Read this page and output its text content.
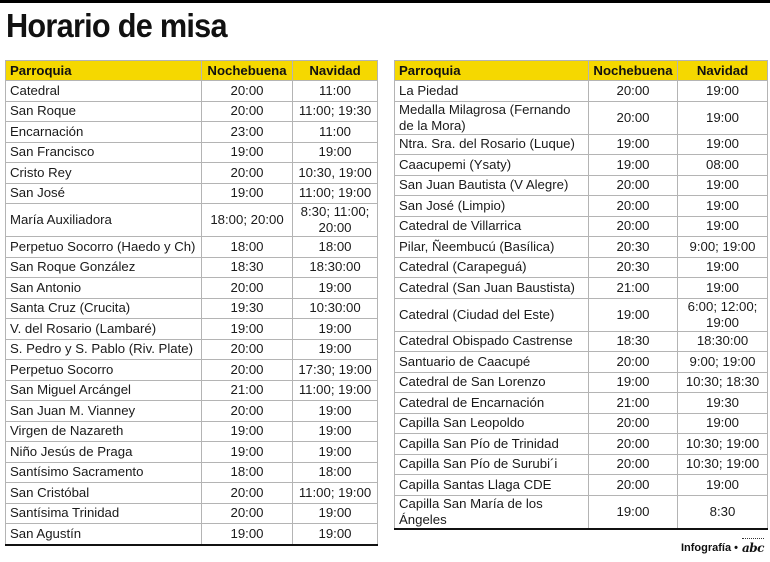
Horario de misa
Parroquia	Nochebuena	Navidad
Catedral	20:00	11:00
San Roque	20:00	11:00; 19:30
Encarnación	23:00	11:00
San Francisco	19:00	19:00
Cristo Rey	20:00	10:30, 19:00
San José	19:00	11:00; 19:00
María Auxiliadora	18:00; 20:00	8:30; 11:00; 20:00
Perpetuo Socorro (Haedo y Ch)	18:00	18:00
San Roque González	18:30	18:30:00
San Antonio	20:00	19:00
Santa Cruz (Crucita)	19:30	10:30:00
V. del Rosario (Lambaré)	19:00	19:00
S. Pedro y S. Pablo (Riv. Plate)	20:00	19:00
Perpetuo Socorro	20:00	17:30; 19:00
San Miguel Arcángel	21:00	11:00; 19:00
San Juan M. Vianney	20:00	19:00
Virgen de Nazareth	19:00	19:00
Niño Jesús de Praga	19:00	19:00
Santísimo Sacramento	18:00	18:00
San Cristóbal	20:00	11:00; 19:00
Santísima Trinidad	20:00	19:00
San Agustín	19:00	19:00
Parroquia	Nochebuena	Navidad
La Piedad	20:00	19:00
Medalla Milagrosa (Fernando de la Mora)	20:00	19:00
Ntra. Sra. del Rosario (Luque)	19:00	19:00
Caacupemi (Ysaty)	19:00	08:00
San Juan Bautista (V Alegre)	20:00	19:00
San José (Limpio)	20:00	19:00
Catedral de Villarrica	20:00	19:00
Pilar, Ñeembucú (Basílica)	20:30	9:00; 19:00
Catedral (Carapeguá)	20:30	19:00
Catedral (San Juan Baustista)	21:00	19:00
Catedral (Ciudad del Este)	19:00	6:00; 12:00; 19:00
Catedral Obispado Castrense	18:30	18:30:00
Santuario de Caacupé	20:00	9:00; 19:00
Catedral de San Lorenzo	19:00	10:30; 18:30
Catedral de Encarnación	21:00	19:30
Capilla San Leopoldo	20:00	19:00
Capilla San Pío de Trinidad	20:00	10:30; 19:00
Capilla San Pío de Surubi´i	20:00	10:30; 19:00
Capilla Santas Llaga CDE	20:00	19:00
Capilla San María de los Ángeles	19:00	8:30
Infografía • abc
